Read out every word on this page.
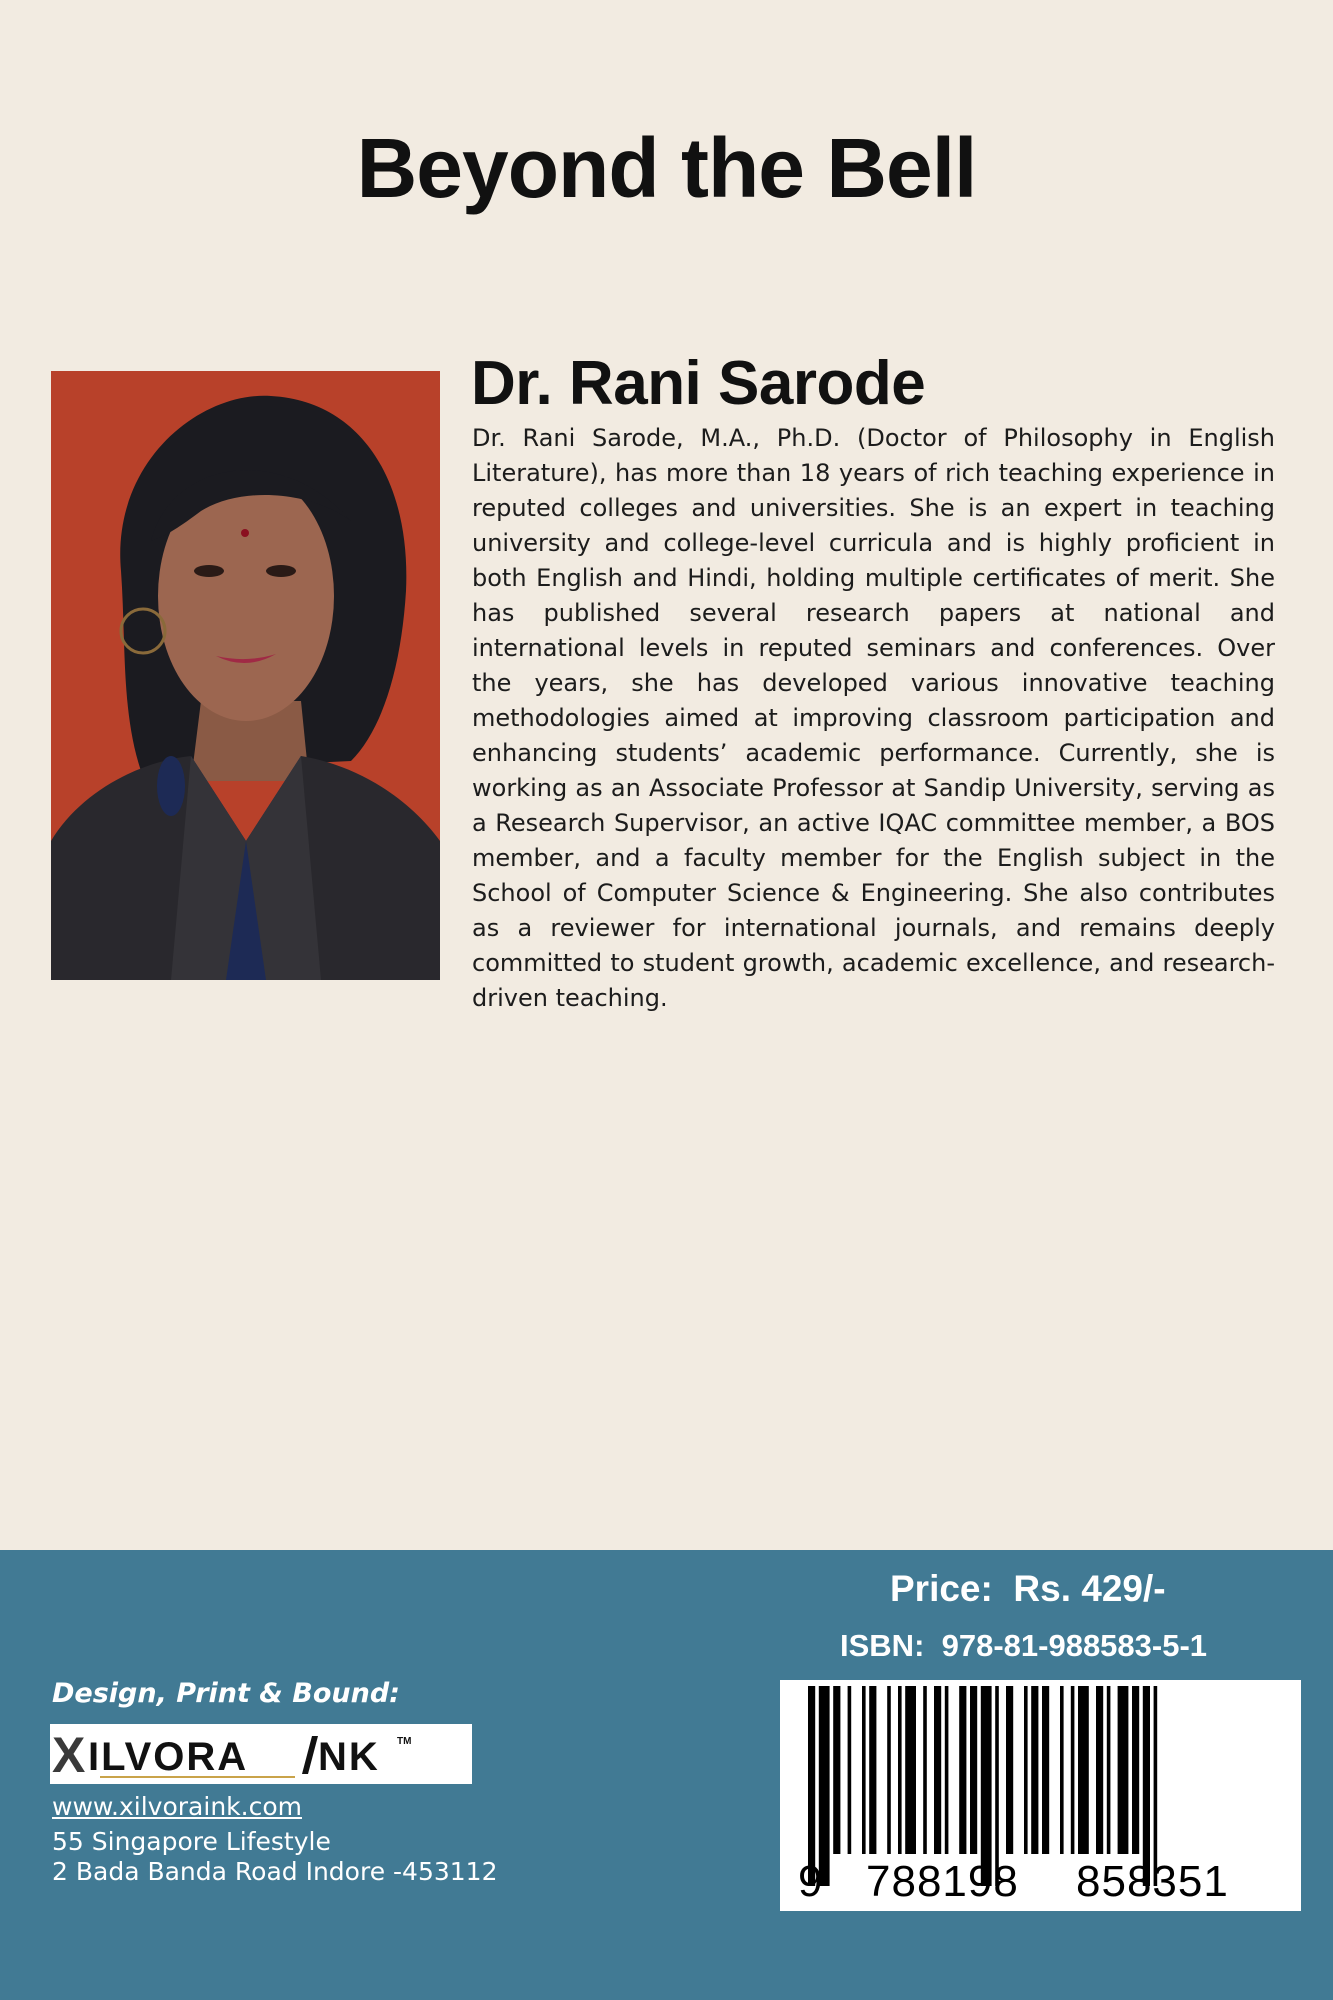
Beyond the Bell
Dr. Rani Sarode
Dr. Rani Sarode, M.A., Ph.D. (Doctor of Philosophy in English Literature), has more than 18 years of rich teaching experience in reputed colleges and universities. She is an expert in teaching university and college-level curricula and is highly proficient in both English and Hindi, holding multiple certificates of merit. She has published several research papers at national and international levels in reputed seminars and conferences. Over the years, she has developed various innovative teaching methodologies aimed at improving classroom participation and enhancing students’ academic performance. Currently, she is working as an Associate Professor at Sandip University, serving as a Research Supervisor, an active IQAC committee member, a BOS member, and a faculty member for the English subject in the School of Computer Science & Engineering. She also contributes as a reviewer for international journals, and remains deeply committed to student growth, academic excellence, and research-driven teaching.
Price:  Rs. 429/-
ISBN:  978-81-988583-5-1
9 788198 858351
Design, Print & Bound:
X ILVORA NK TM
www.xilvoraink.com
55 Singapore Lifestyle
2 Bada Banda Road Indore -453112
